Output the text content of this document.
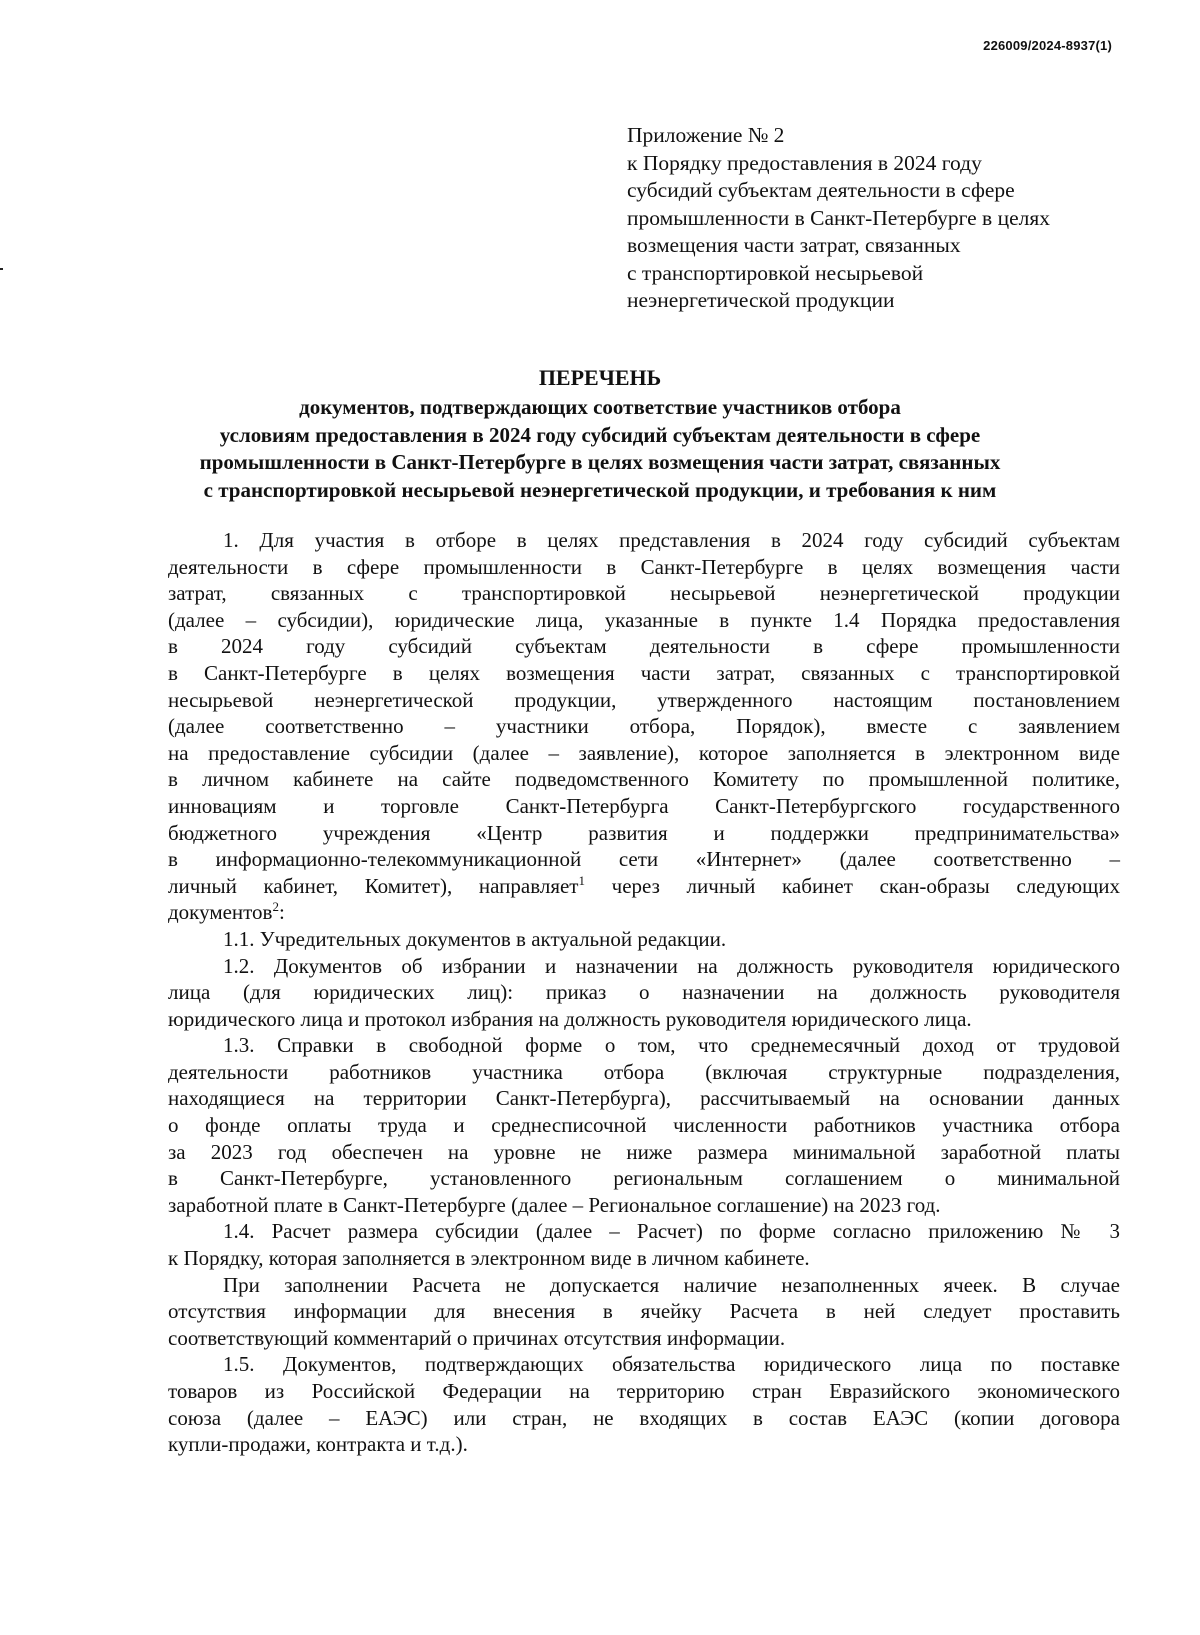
226009/2024-8937(1)
Приложение № 2
к Порядку предоставления в 2024 году
субсидий субъектам деятельности в сфере
промышленности в Санкт-Петербурге в целях
возмещения части затрат, связанных
с транспортировкой несырьевой
неэнергетической продукции
ПЕРЕЧЕНЬ
документов, подтверждающих соответствие участников отбора
условиям предоставления в 2024 году субсидий субъектам деятельности в сфере
промышленности в Санкт-Петербурге в целях возмещения части затрат, связанных
с транспортировкой несырьевой неэнергетической продукции, и требования к ним
1. Для участия в отборе в целях представления в 2024 году субсидий субъектам
деятельности в сфере промышленности в Санкт-Петербурге в целях возмещения части
затрат, связанных с транспортировкой несырьевой неэнергетической продукции
(далее – субсидии), юридические лица, указанные в пункте 1.4 Порядка предоставления
в 2024 году субсидий субъектам деятельности в сфере промышленности
в Санкт-Петербурге в целях возмещения части затрат, связанных с транспортировкой
несырьевой неэнергетической продукции, утвержденного настоящим постановлением
(далее соответственно – участники отбора, Порядок), вместе с заявлением
на предоставление субсидии (далее – заявление), которое заполняется в электронном виде
в личном кабинете на сайте подведомственного Комитету по промышленной политике,
инновациям и торговле Санкт-Петербурга Санкт-Петербургского государственного
бюджетного учреждения «Центр развития и поддержки предпринимательства»
в информационно-телекоммуникационной сети «Интернет» (далее соответственно –
личный кабинет, Комитет), направляет$^1$ через личный кабинет скан-образы следующих
документов$^2$:
1.1. Учредительных документов в актуальной редакции.
1.2. Документов об избрании и назначении на должность руководителя юридического
лица (для юридических лиц): приказ о назначении на должность руководителя
юридического лица и протокол избрания на должность руководителя юридического лица.
1.3. Справки в свободной форме о том, что среднемесячный доход от трудовой
деятельности работников участника отбора (включая структурные подразделения,
находящиеся на территории Санкт-Петербурга), рассчитываемый на основании данных
о фонде оплаты труда и среднесписочной численности работников участника отбора
за 2023 год обеспечен на уровне не ниже размера минимальной заработной платы
в Санкт-Петербурге, установленного региональным соглашением о минимальной
заработной плате в Санкт-Петербурге (далее – Региональное соглашение) на 2023 год.
1.4. Расчет размера субсидии (далее – Расчет) по форме согласно приложению № 3
к Порядку, которая заполняется в электронном виде в личном кабинете.
При заполнении Расчета не допускается наличие незаполненных ячеек. В случае
отсутствия информации для внесения в ячейку Расчета в ней следует проставить
соответствующий комментарий о причинах отсутствия информации.
1.5. Документов, подтверждающих обязательства юридического лица по поставке
товаров из Российской Федерации на территорию стран Евразийского экономического
союза (далее – ЕАЭС) или стран, не входящих в состав ЕАЭС (копии договора
купли-продажи, контракта и т.д.).
